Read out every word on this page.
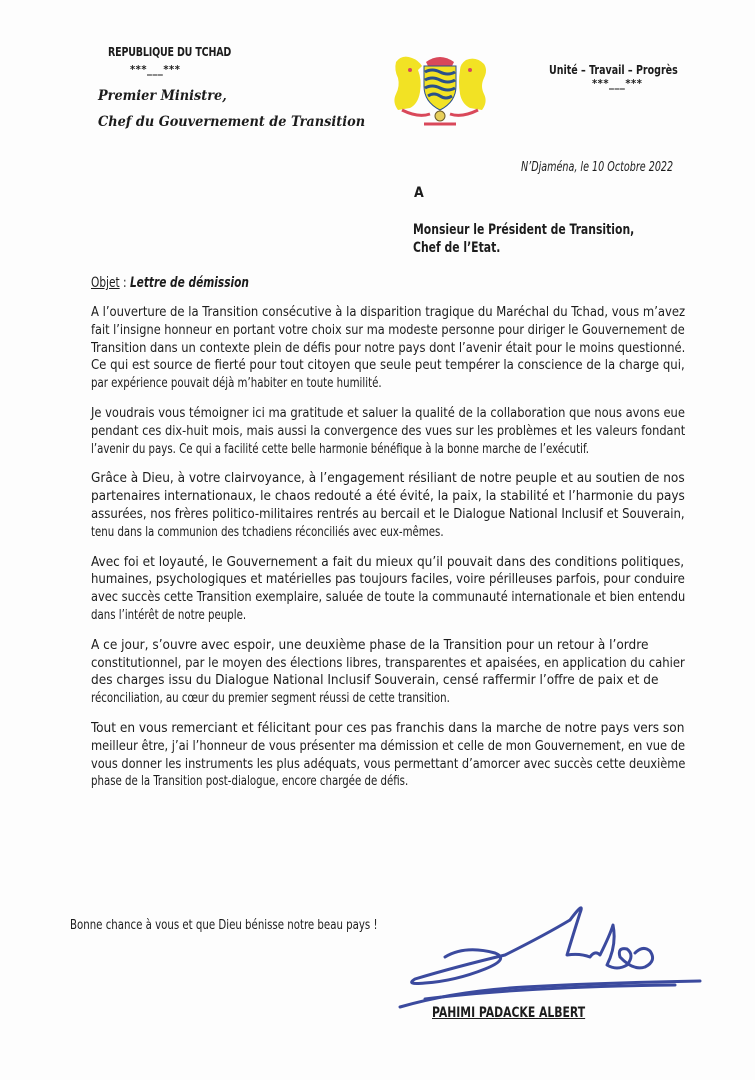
REPUBLIQUE DU TCHAD
***___***
Premier Ministre,
Chef du Gouvernement de Transition
Unité – Travail – Progrès
***___***
N’Djaména, le 10 Octobre 2022
A
Monsieur le Président de Transition,
Chef de l’Etat.
Objet : Lettre de démission
A l’ouverture de la Transition consécutive à la disparition tragique du Maréchal du Tchad, vous m’avez
fait l’insigne honneur en portant votre choix sur ma modeste personne pour diriger le Gouvernement de
Transition dans un contexte plein de défis pour notre pays dont l’avenir était pour le moins questionné.
Ce qui est source de fierté pour tout citoyen que seule peut tempérer la conscience de la charge qui,
par expérience pouvait déjà m’habiter en toute humilité.
Je voudrais vous témoigner ici ma gratitude et saluer la qualité de la collaboration que nous avons eue
pendant ces dix-huit mois, mais aussi la convergence des vues sur les problèmes et les valeurs fondant
l’avenir du pays. Ce qui a facilité cette belle harmonie bénéfique à la bonne marche de l’exécutif.
Grâce à Dieu, à votre clairvoyance, à l’engagement résiliant de notre peuple et au soutien de nos
partenaires internationaux, le chaos redouté a été évité, la paix, la stabilité et l’harmonie du pays
assurées, nos frères politico-militaires rentrés au bercail et le Dialogue National Inclusif et Souverain,
tenu dans la communion des tchadiens réconciliés avec eux-mêmes.
Avec foi et loyauté, le Gouvernement a fait du mieux qu’il pouvait dans des conditions politiques,
humaines, psychologiques et matérielles pas toujours faciles, voire périlleuses parfois, pour conduire
avec succès cette Transition exemplaire, saluée de toute la communauté internationale et bien entendu
dans l’intérêt de notre peuple.
A ce jour, s’ouvre avec espoir, une deuxième phase de la Transition pour un retour à l’ordre
constitutionnel, par le moyen des élections libres, transparentes et apaisées, en application du cahier
des charges issu du Dialogue National Inclusif Souverain, censé raffermir l’offre de paix et de
réconciliation, au cœur du premier segment réussi de cette transition.
Tout en vous remerciant et félicitant pour ces pas franchis dans la marche de notre pays vers son
meilleur être, j’ai l’honneur de vous présenter ma démission et celle de mon Gouvernement, en vue de
vous donner les instruments les plus adéquats, vous permettant d’amorcer avec succès cette deuxième
phase de la Transition post-dialogue, encore chargée de défis.
Bonne chance à vous et que Dieu bénisse notre beau pays !
PAHIMI PADACKE ALBERT
